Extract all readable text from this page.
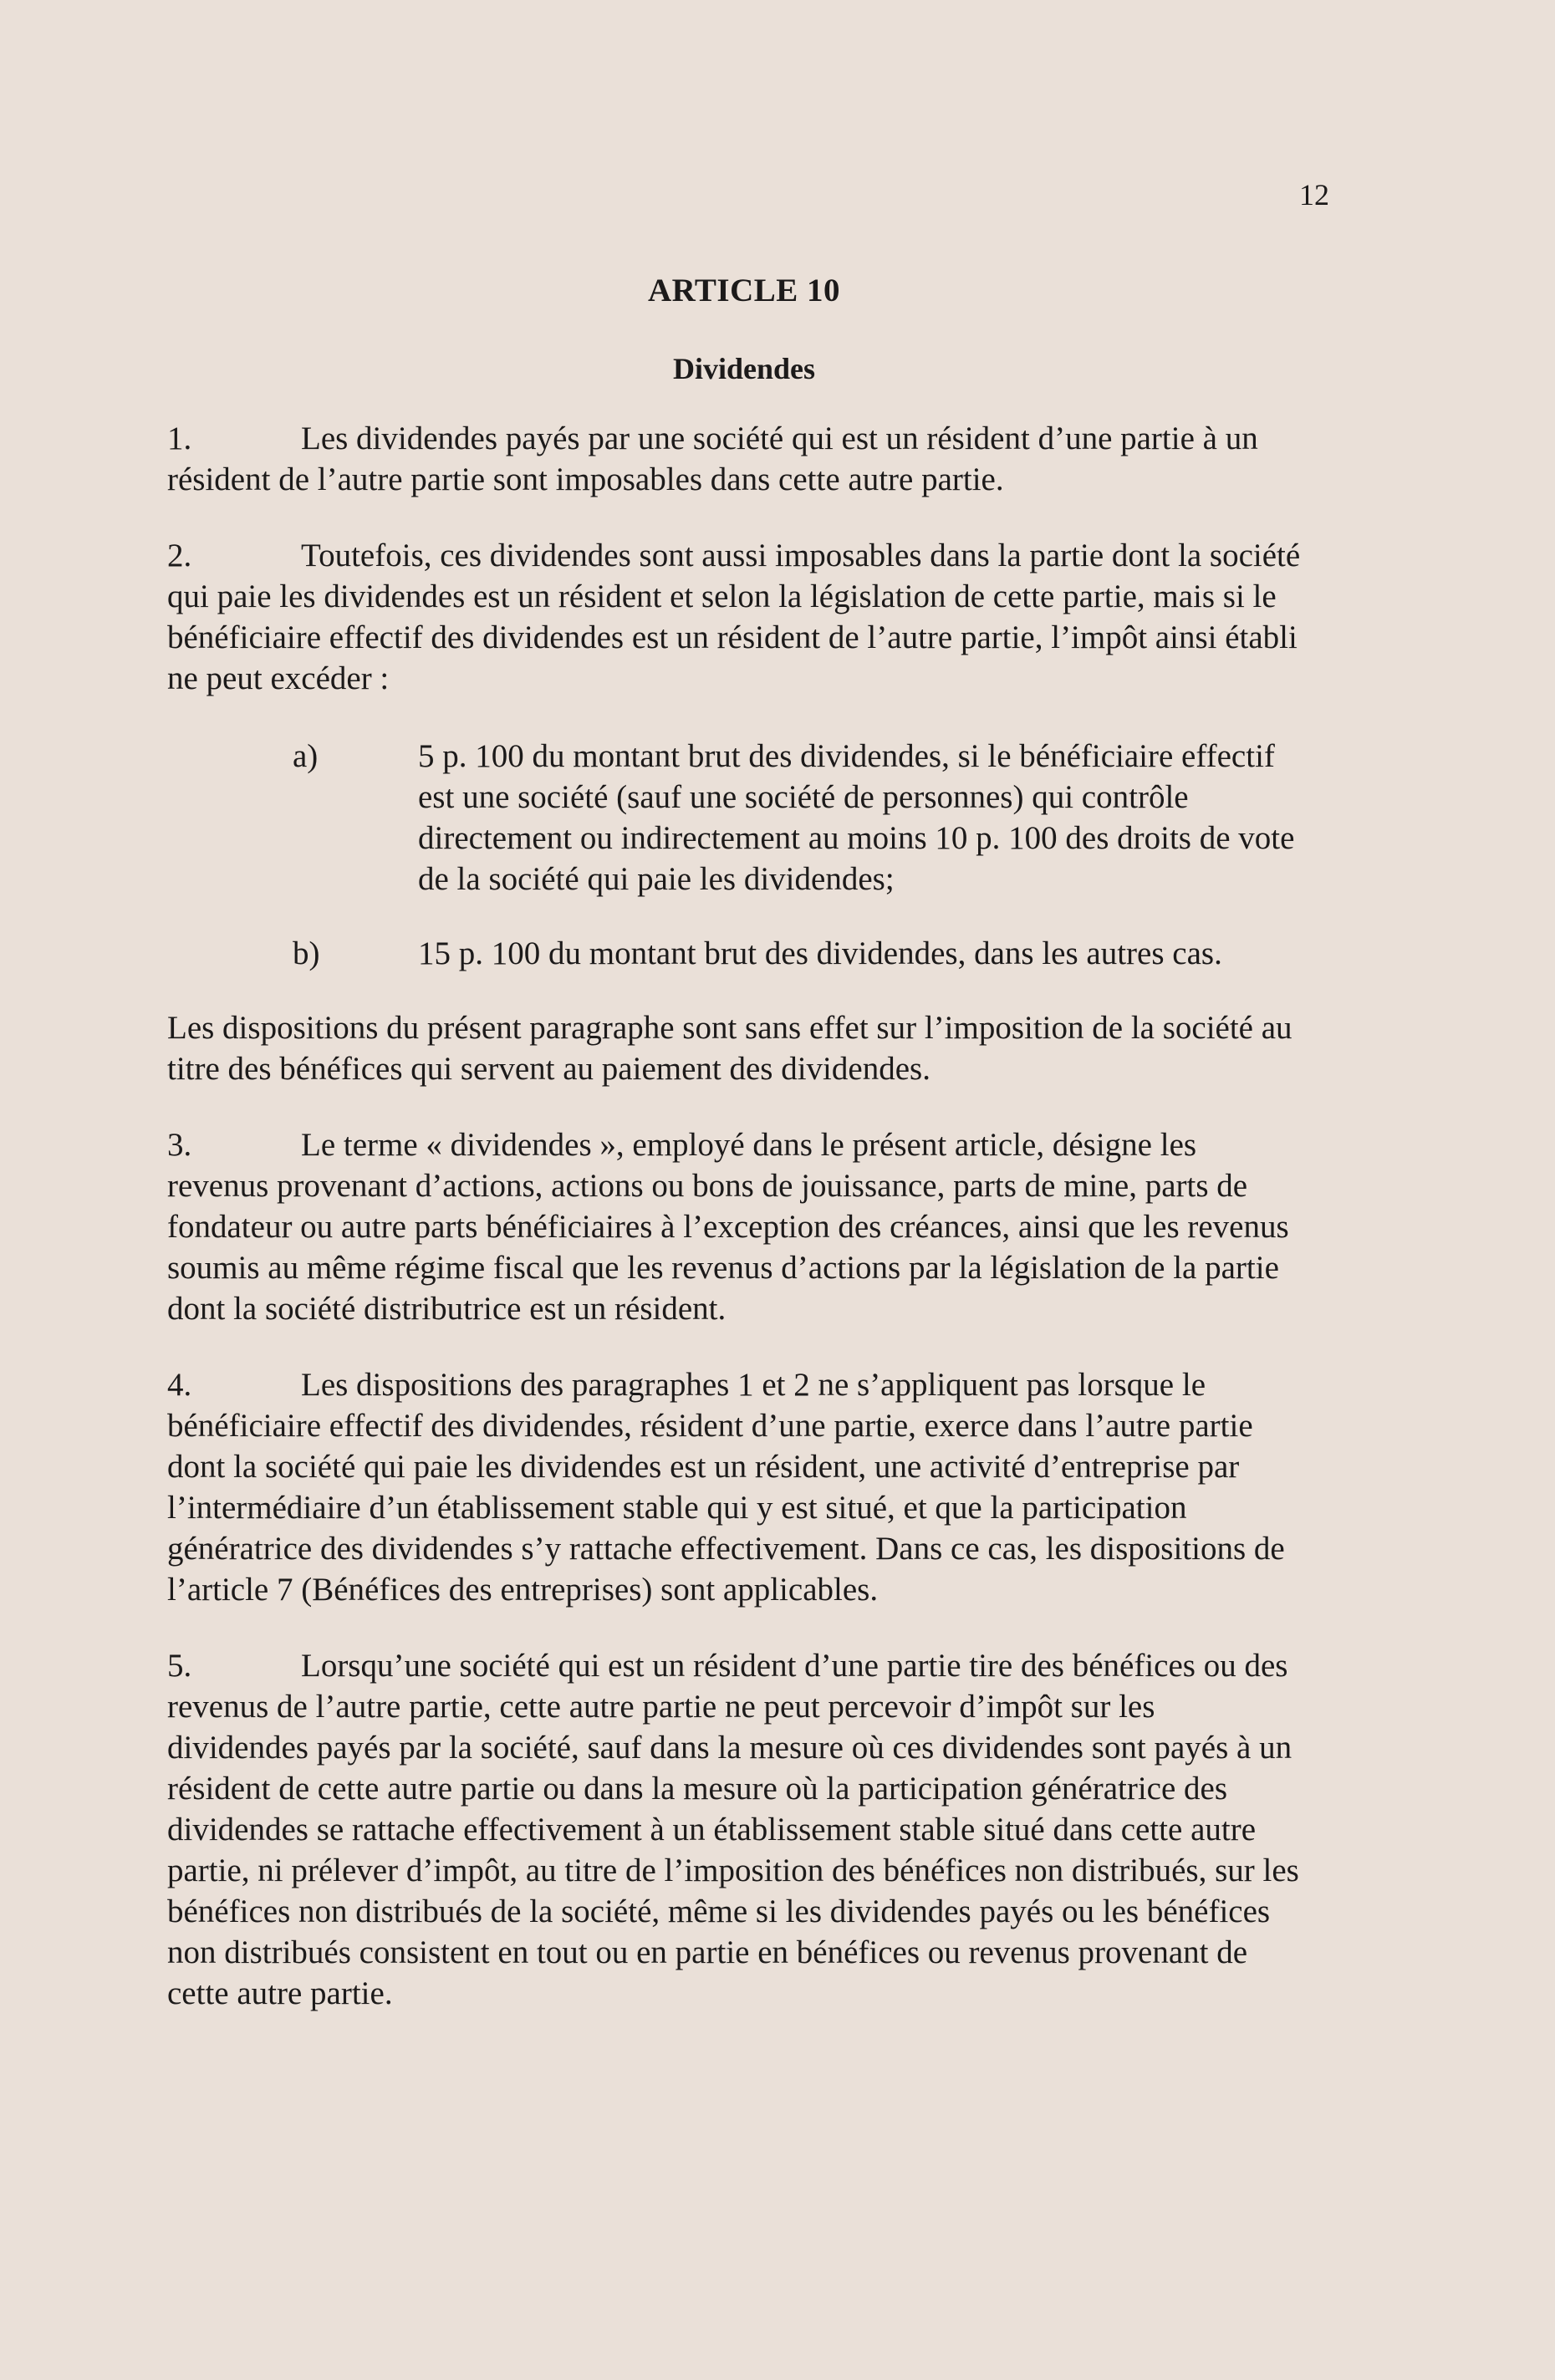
12
ARTICLE 10
Dividendes

1.	Les dividendes payés par une société qui est un résident d’une partie à un résident de l’autre partie sont imposables dans cette autre partie.

2.	Toutefois, ces dividendes sont aussi imposables dans la partie dont la société qui paie les dividendes est un résident et selon la législation de cette partie, mais si le bénéficiaire effectif des dividendes est un résident de l’autre partie, l’impôt ainsi établi ne peut excéder :

a)	5 p. 100 du montant brut des dividendes, si le bénéficiaire effectif est une société (sauf une société de personnes) qui contrôle directement ou indirectement au moins 10 p. 100 des droits de vote de la société qui paie les dividendes;
b)	15 p. 100 du montant brut des dividendes, dans les autres cas.

Les dispositions du présent paragraphe sont sans effet sur l’imposition de la société au titre des bénéfices qui servent au paiement des dividendes.

3.	Le terme « dividendes », employé dans le présent article, désigne les revenus provenant d’actions, actions ou bons de jouissance, parts de mine, parts de fondateur ou autre parts bénéficiaires à l’exception des créances, ainsi que les revenus soumis au même régime fiscal que les revenus d’actions par la législation de la partie dont la société distributrice est un résident.

4.	Les dispositions des paragraphes 1 et 2 ne s’appliquent pas lorsque le bénéficiaire effectif des dividendes, résident d’une partie, exerce dans l’autre partie dont la société qui paie les dividendes est un résident, une activité d’entreprise par l’intermédiaire d’un établissement stable qui y est situé, et que la participation génératrice des dividendes s’y rattache effectivement. Dans ce cas, les dispositions de l’article 7 (Bénéfices des entreprises) sont applicables.

5.	Lorsqu’une société qui est un résident d’une partie tire des bénéfices ou des revenus de l’autre partie, cette autre partie ne peut percevoir d’impôt sur les dividendes payés par la société, sauf dans la mesure où ces dividendes sont payés à un résident de cette autre partie ou dans la mesure où la participation génératrice des dividendes se rattache effectivement à un établissement stable situé dans cette autre partie, ni prélever d’impôt, au titre de l’imposition des bénéfices non distribués, sur les bénéfices non distribués de la société, même si les dividendes payés ou les bénéfices non distribués consistent en tout ou en partie en bénéfices ou revenus provenant de cette autre partie.
